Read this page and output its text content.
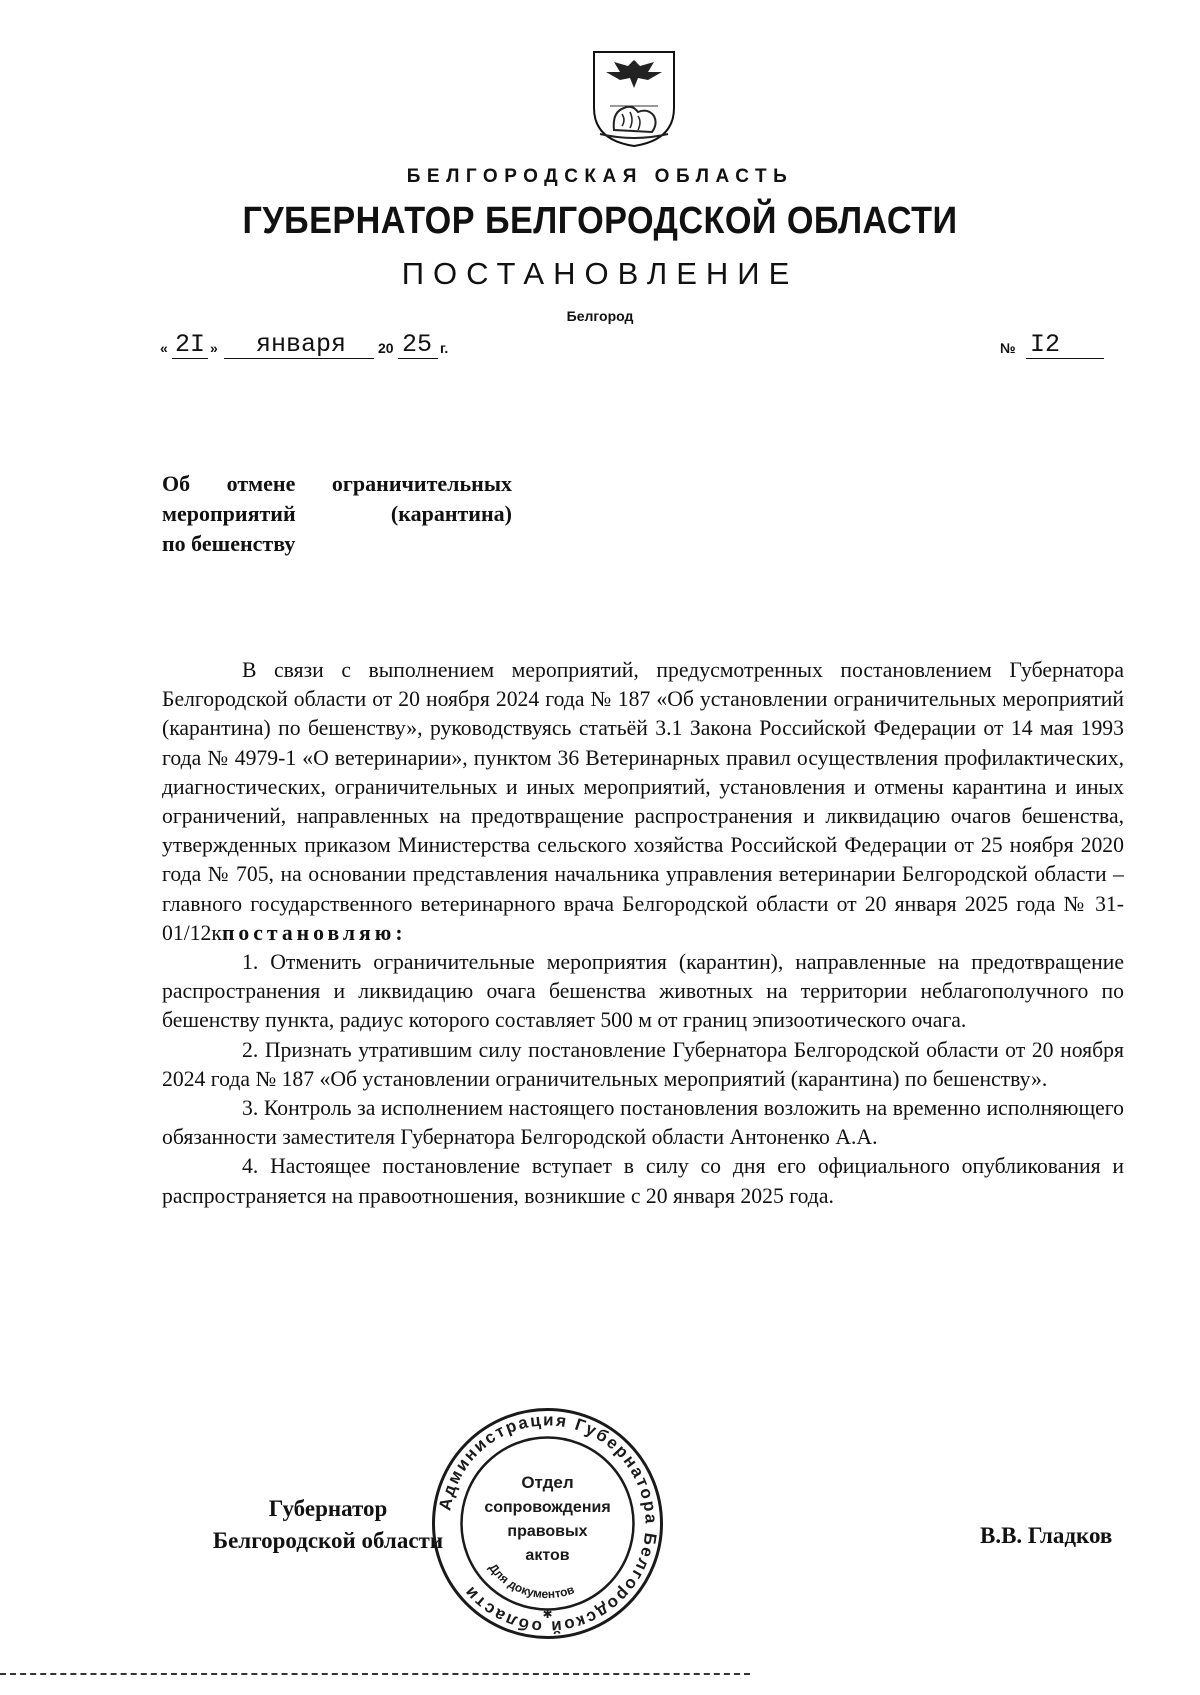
БЕЛГОРОДСКАЯ ОБЛАСТЬ
ГУБЕРНАТОР БЕЛГОРОДСКОЙ ОБЛАСТИ
ПОСТАНОВЛЕНИЕ
Белгород
« 2I » января 20 25 г.	№ I2
Об отмене ограничительных
мероприятий	(карантина)
по бешенству

В связи с выполнением мероприятий, предусмотренных постановлением Губернатора Белгородской области от 20 ноября 2024 года № 187 «Об установлении ограничительных мероприятий (карантина) по бешенству», руководствуясь статьёй 3.1 Закона Российской Федерации от 14 мая 1993 года № 4979-1 «О ветеринарии», пунктом 36 Ветеринарных правил осуществления профилактических, диагностических, ограничительных и иных мероприятий, установления и отмены карантина и иных ограничений, направленных на предотвращение распространения и ликвидацию очагов бешенства, утвержденных приказом Министерства сельского хозяйства Российской Федерации от 25 ноября 2020 года № 705, на основании представления начальника управления ветеринарии Белгородской области – главного государственного ветеринарного врача Белгородской области от 20 января 2025 года № 31-01/12кпостановляю:

1. Отменить ограничительные мероприятия (карантин), направленные на предотвращение распространения и ликвидацию очага бешенства животных на территории неблагополучного по бешенству пункта, радиус которого составляет 500 м от границ эпизоотического очага.

2. Признать утратившим силу постановление Губернатора Белгородской области от 20 ноября 2024 года № 187 «Об установлении ограничительных мероприятий (карантина) по бешенству».

3. Контроль за исполнением настоящего постановления возложить на временно исполняющего обязанности заместителя Губернатора Белгородской области Антоненко А.А.

4. Настоящее постановление вступает в силу со дня его официального опубликования и распространяется на правоотношения, возникшие с 20 января 2025 года.

Губернатор
Белгородской области	В.В. Гладков
Администрация Губернатора Белгородской области
Для документов
Отдел
сопровождения
правовых
актов
✱
